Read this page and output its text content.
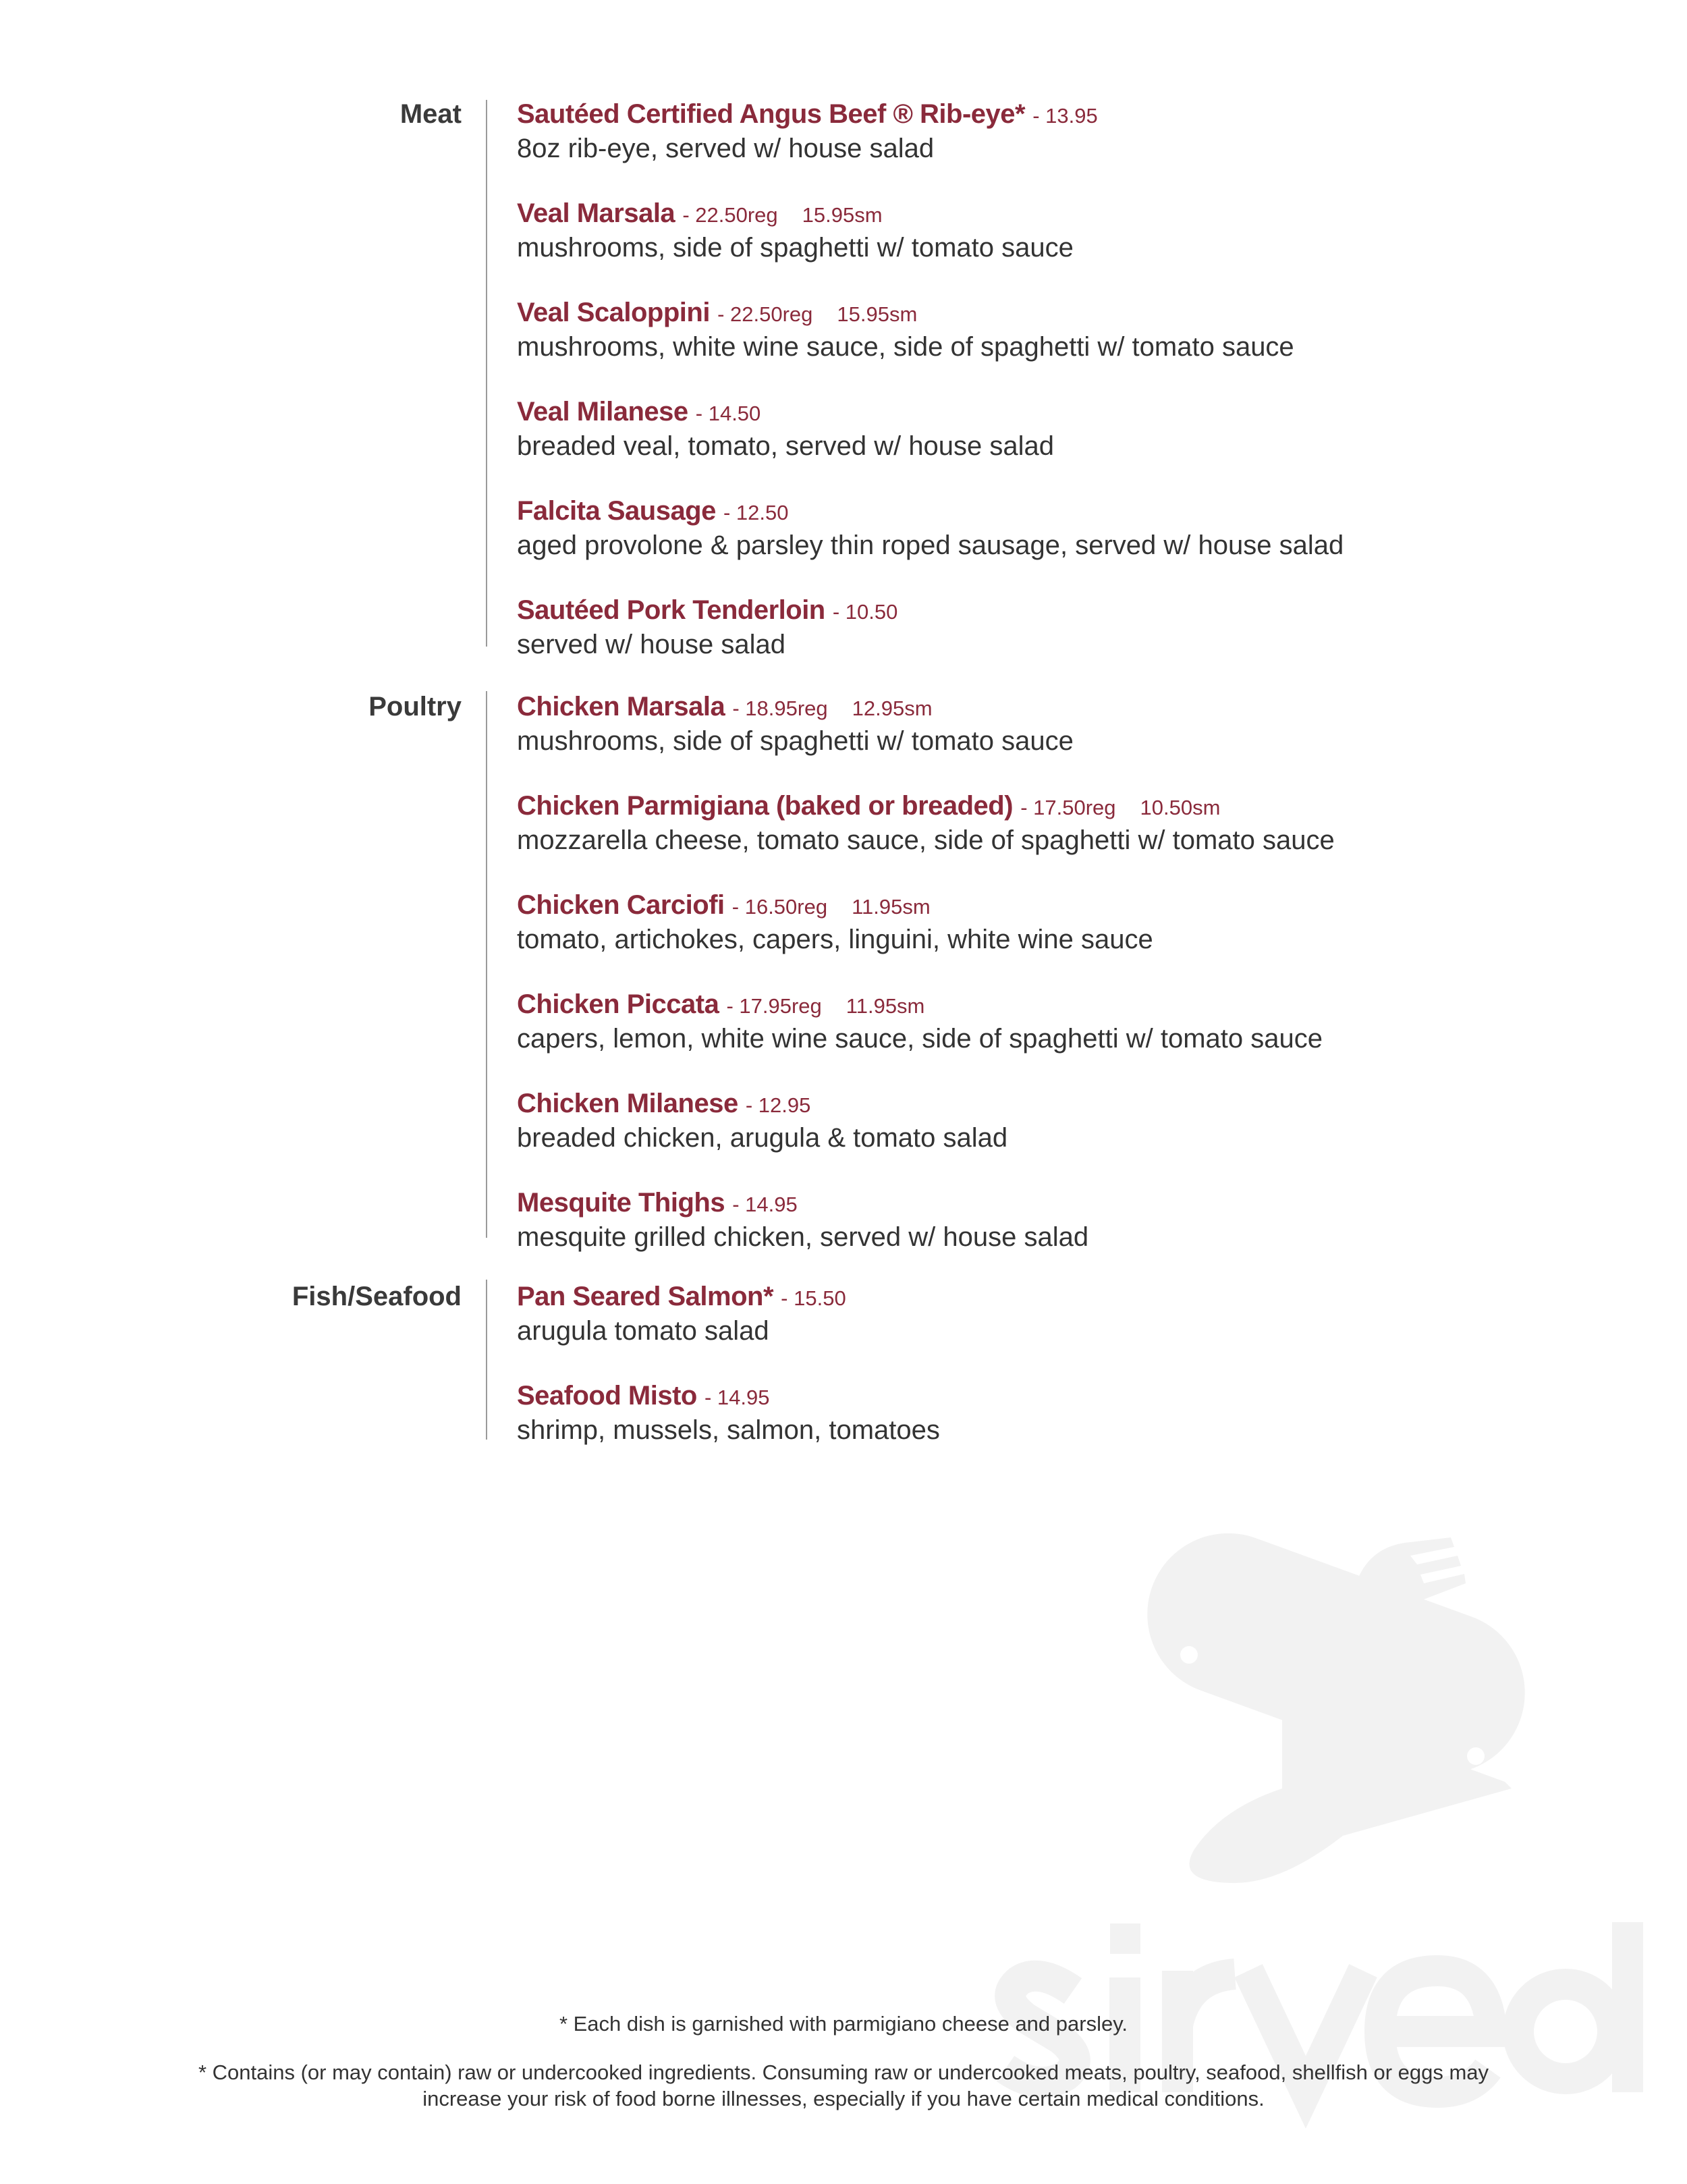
Meat Sautéed Certified Angus Beef ® Rib-eye* - 13.95
8oz rib-eye, served w/ house salad
Veal Marsala - 22.50reg 15.95sm
mushrooms, side of spaghetti w/ tomato sauce
Veal Scaloppini - 22.50reg 15.95sm
mushrooms, white wine sauce, side of spaghetti w/ tomato sauce
Veal Milanese - 14.50
breaded veal, tomato, served w/ house salad
Falcita Sausage - 12.50
aged provolone & parsley thin roped sausage, served w/ house salad
Sautéed Pork Tenderloin - 10.50
served w/ house salad
Poultry Chicken Marsala - 18.95reg 12.95sm
mushrooms, side of spaghetti w/ tomato sauce
Chicken Parmigiana (baked or breaded) - 17.50reg 10.50sm
mozzarella cheese, tomato sauce, side of spaghetti w/ tomato sauce
Chicken Carciofi - 16.50reg 11.95sm
tomato, artichokes, capers, linguini, white wine sauce
Chicken Piccata - 17.95reg 11.95sm
capers, lemon, white wine sauce, side of spaghetti w/ tomato sauce
Chicken Milanese - 12.95
breaded chicken, arugula & tomato salad
Mesquite Thighs - 14.95
mesquite grilled chicken, served w/ house salad
Fish/Seafood Pan Seared Salmon* - 15.50
arugula tomato salad
Seafood Misto - 14.95
shrimp, mussels, salmon, tomatoes
* Each dish is garnished with parmigiano cheese and parsley.
* Contains (or may contain) raw or undercooked ingredients. Consuming raw or undercooked meats, poultry, seafood, shellfish or eggs may
increase your risk of food borne illnesses, especially if you have certain medical conditions.
